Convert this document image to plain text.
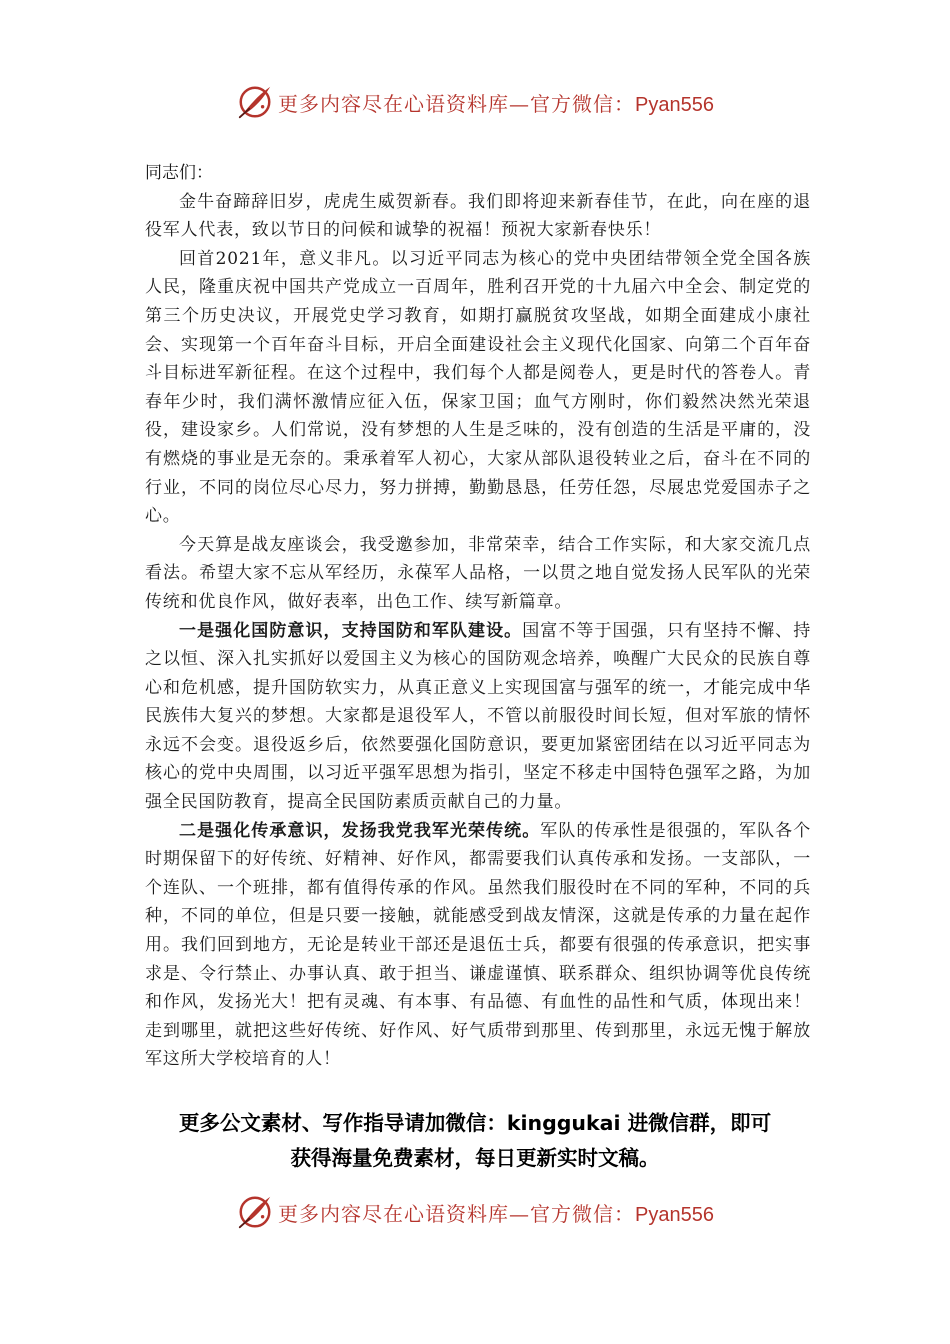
更多内容尽在心语资料库—官方微信：Pyan556

同志们：

金牛奋蹄辞旧岁，虎虎生威贺新春。我们即将迎来新春佳节，在此，向在座的退役军人代表，致以节日的问候和诚挚的祝福！预祝大家新春快乐！

回首2021年，意义非凡。以习近平同志为核心的党中央团结带领全党全国各族人民，隆重庆祝中国共产党成立一百周年，胜利召开党的十九届六中全会、制定党的第三个历史决议，开展党史学习教育，如期打赢脱贫攻坚战，如期全面建成小康社会、实现第一个百年奋斗目标，开启全面建设社会主义现代化国家、向第二个百年奋斗目标进军新征程。在这个过程中，我们每个人都是阅卷人，更是时代的答卷人。青春年少时，我们满怀激情应征入伍，保家卫国；血气方刚时，你们毅然决然光荣退役，建设家乡。人们常说，没有梦想的人生是乏味的，没有创造的生活是平庸的，没有燃烧的事业是无奈的。秉承着军人初心，大家从部队退役转业之后，奋斗在不同的行业，不同的岗位尽心尽力，努力拼搏，勤勤恳恳，任劳任怨，尽展忠党爱国赤子之心。

今天算是战友座谈会，我受邀参加，非常荣幸，结合工作实际，和大家交流几点看法。希望大家不忘从军经历，永葆军人品格，一以贯之地自觉发扬人民军队的光荣传统和优良作风，做好表率，出色工作、续写新篇章。

一是强化国防意识，支持国防和军队建设。国富不等于国强，只有坚持不懈、持之以恒、深入扎实抓好以爱国主义为核心的国防观念培养，唤醒广大民众的民族自尊心和危机感，提升国防软实力，从真正意义上实现国富与强军的统一，才能完成中华民族伟大复兴的梦想。大家都是退役军人，不管以前服役时间长短，但对军旅的情怀永远不会变。退役返乡后，依然要强化国防意识，要更加紧密团结在以习近平同志为核心的党中央周围，以习近平强军思想为指引，坚定不移走中国特色强军之路，为加强全民国防教育，提高全民国防素质贡献自己的力量。

二是强化传承意识，发扬我党我军光荣传统。军队的传承性是很强的，军队各个时期保留下的好传统、好精神、好作风，都需要我们认真传承和发扬。一支部队，一个连队、一个班排，都有值得传承的作风。虽然我们服役时在不同的军种，不同的兵种，不同的单位，但是只要一接触，就能感受到战友情深，这就是传承的力量在起作用。我们回到地方，无论是转业干部还是退伍士兵，都要有很强的传承意识，把实事求是、令行禁止、办事认真、敢于担当、谦虚谨慎、联系群众、组织协调等优良传统和作风，发扬光大！把有灵魂、有本事、有品德、有血性的品性和气质，体现出来！走到哪里，就把这些好传统、好作风、好气质带到那里、传到那里，永远无愧于解放军这所大学校培育的人！

更多公文素材、写作指导请加微信：kinggukai 进微信群，即可
获得海量免费素材，每日更新实时文稿。
更多内容尽在心语资料库—官方微信：Pyan556
